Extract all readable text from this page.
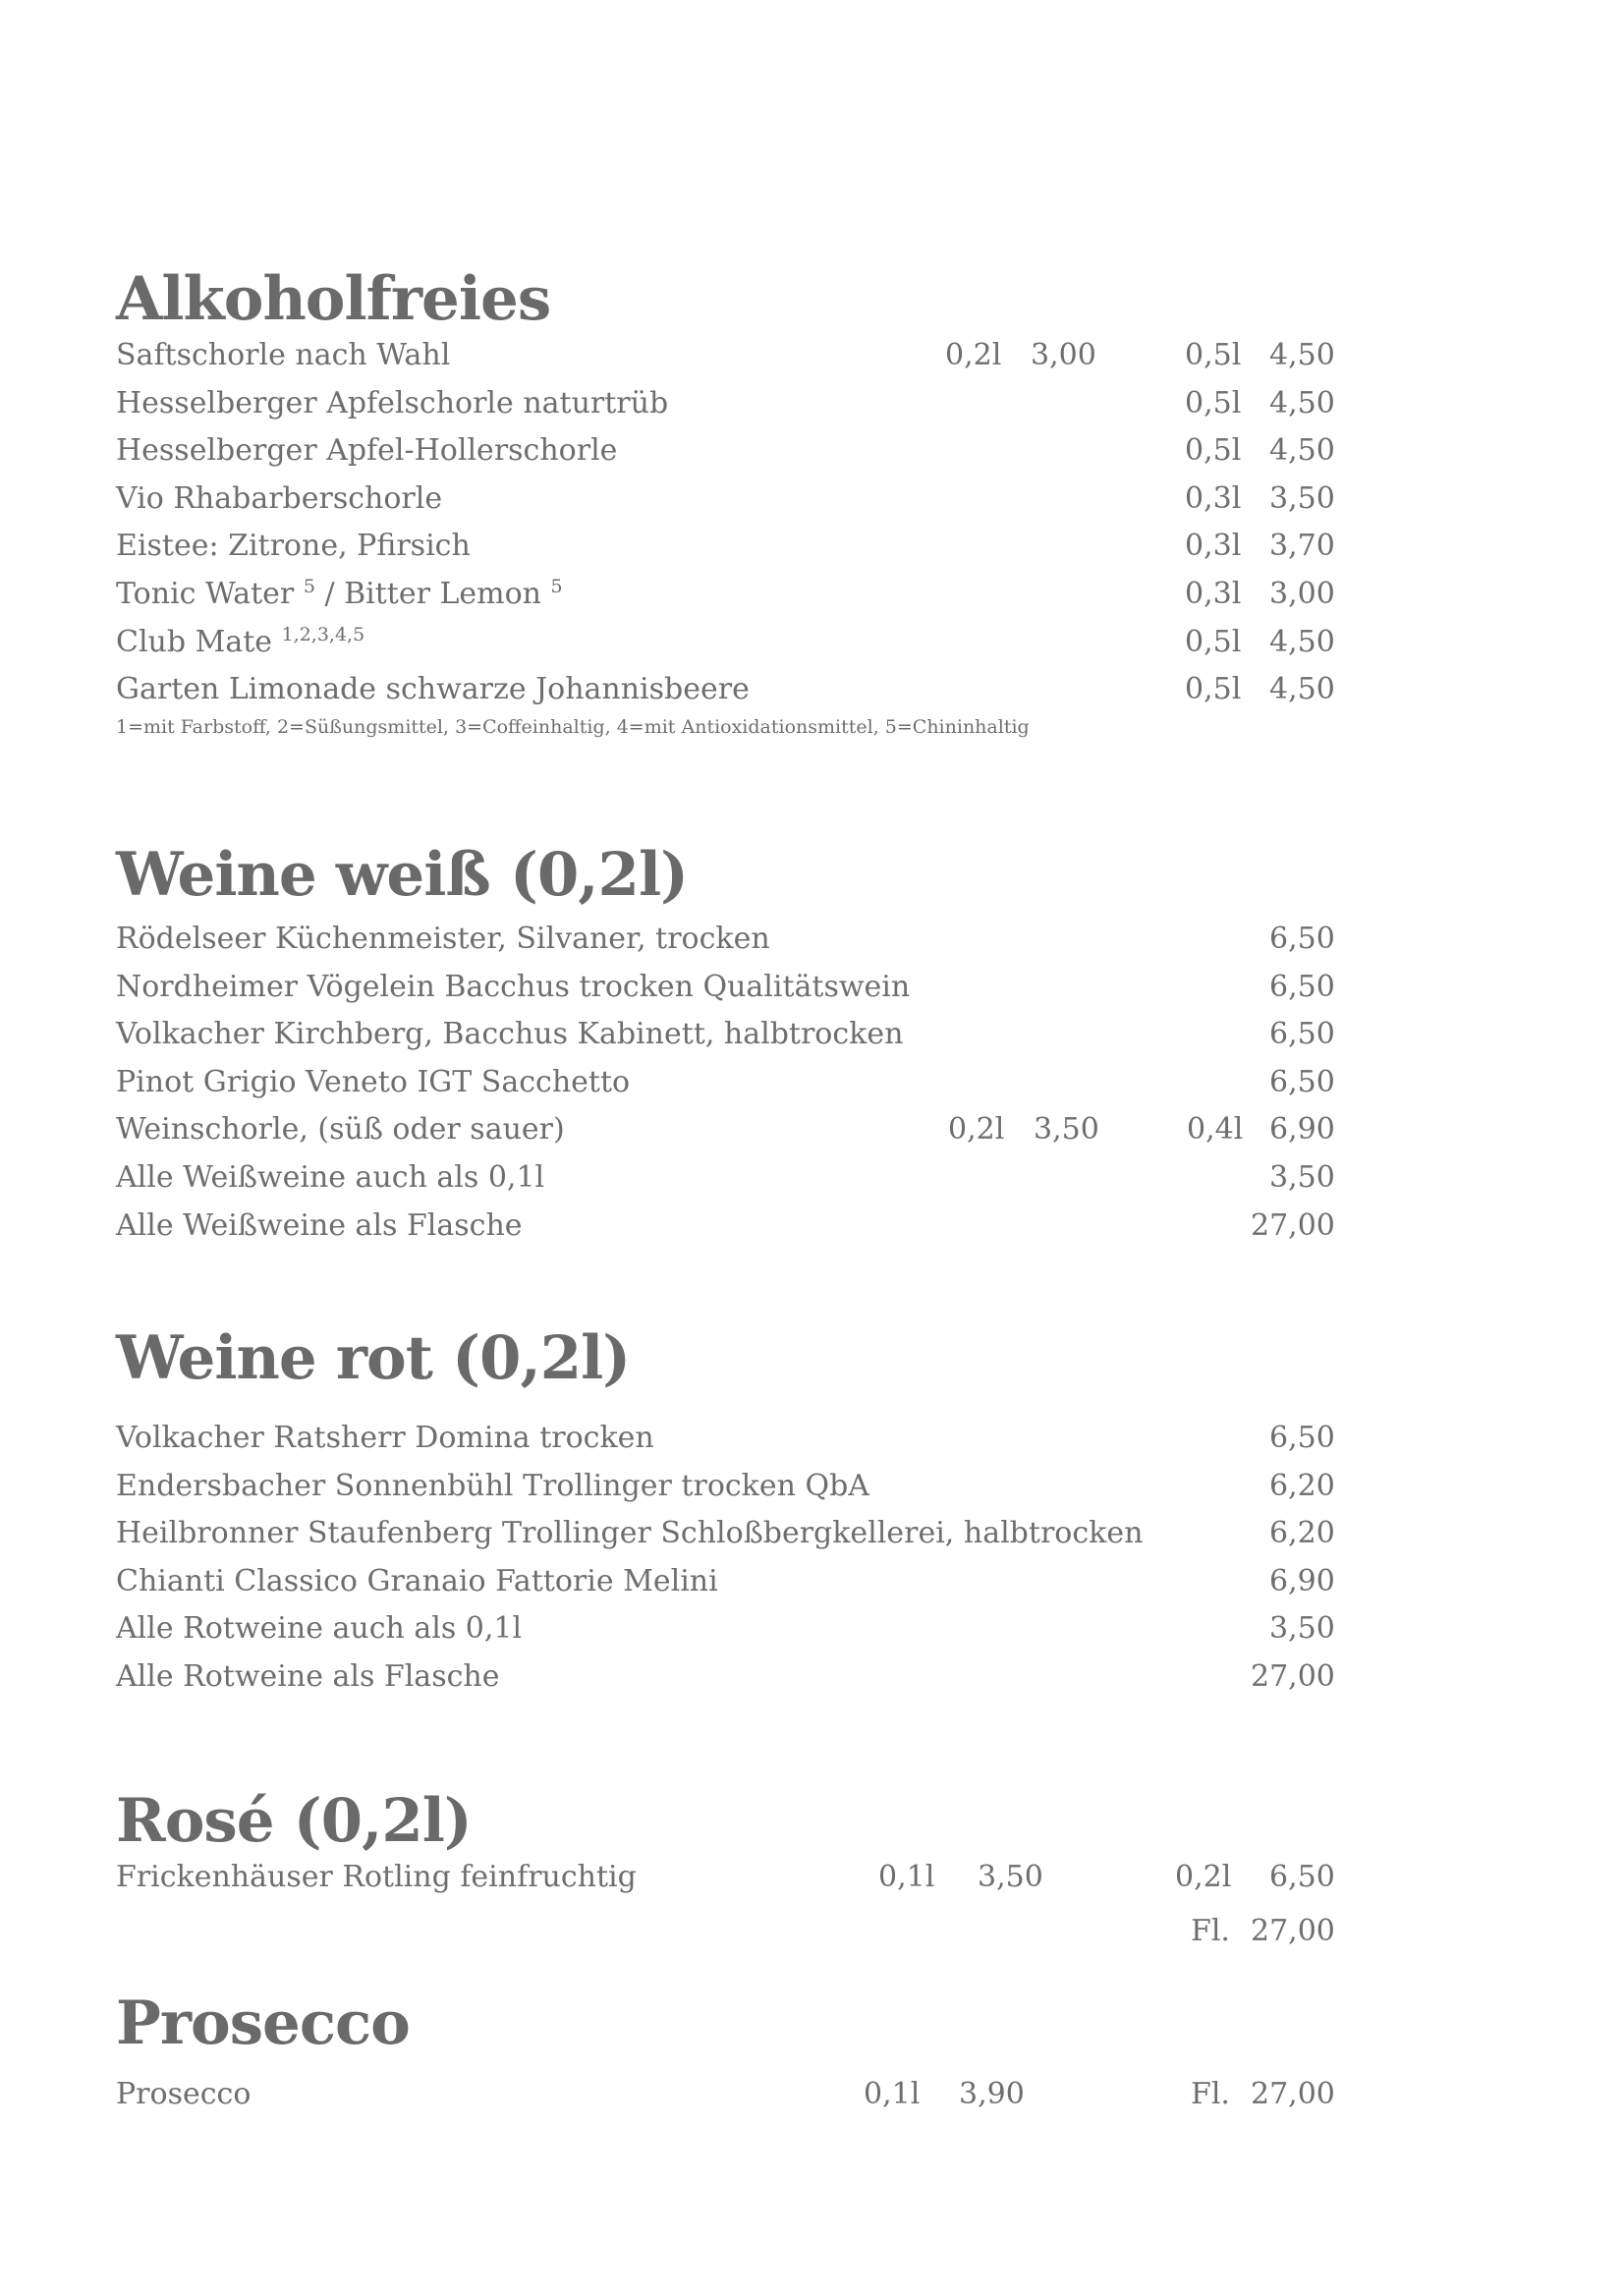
Alkoholfreies
Saftschorle nach Wahl	0,2l 3,00	0,5l 4,50
Hesselberger Apfelschorle naturtrüb	0,5l 4,50
Hesselberger Apfel-Hollerschorle	0,5l 4,50
Vio Rhabarberschorle	0,3l 3,50
Eistee: Zitrone, Pfirsich	0,3l 3,70
Tonic Water $^5$ / Bitter Lemon $^5$	0,3l 3,00
Club Mate $^{1,2,3,4,5}$	0,5l 4,50
Garten Limonade schwarze Johannisbeere	0,5l 4,50
1=mit Farbstoff, 2=Süßungsmittel, 3=Coffeinhaltig, 4=mit Antioxidationsmittel, 5=Chininhaltig
Weine weiß (0,2l)
Rödelseer Küchenmeister, Silvaner, trocken	6,50
Nordheimer Vögelein Bacchus trocken Qualitätswein	6,50
Volkacher Kirchberg, Bacchus Kabinett, halbtrocken	6,50
Pinot Grigio Veneto IGT Sacchetto	6,50
Weinschorle, (süß oder sauer)	0,2l 3,50	0,4l 6,90
Alle Weißweine auch als 0,1l	3,50
Alle Weißweine als Flasche	27,00
Weine rot (0,2l)
Volkacher Ratsherr Domina trocken	6,50
Endersbacher Sonnenbühl Trollinger trocken QbA	6,20
Heilbronner Staufenberg Trollinger Schloßbergkellerei, halbtrocken	6,20
Chianti Classico Granaio Fattorie Melini	6,90
Alle Rotweine auch als 0,1l	3,50
Alle Rotweine als Flasche	27,00
Rosé (0,2l)
Frickenhäuser Rotling feinfruchtig	0,1l 3,50	0,2l 6,50
Fl. 27,00
Prosecco
Prosecco	0,1l 3,90	Fl. 27,00
